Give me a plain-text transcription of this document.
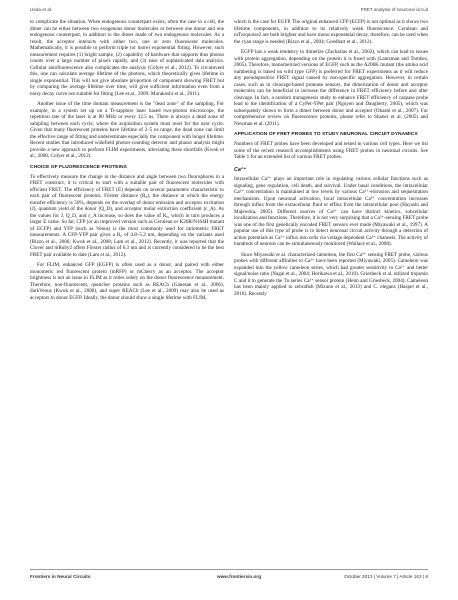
Ueda et al.	FRET analysis of neuronal circuit

to complicate the situation. When endogenous counterpart exists, often the case in a cell, the dimer can be either between two exogenous donor molecules or between one donor and one endogenous counterpart, in addition to the dimer made of two endogenous molecules. As a result, the acceptor interacts with either two, one or zero fluorescent molecules. Mathematically, it is possible to perform triple (or more) exponential fitting. However, such measurement requires (1) bright sample, (2) capability of hardware that supports thus photon counts over a large number of pixels rapidly, and (3) ease of sophisticated data analysis. Cellular autofluorescence also complicates the analysis (Colyer et al., 2012). To circumvent this, one can calculate average lifetime of the photons, which theoretically gives lifetime in single exponential. This will not give absolute proportion of component showing FRET but by comparing the average lifetime over time, will give sufficient information even from a noisy decay curve not suitable for fitting (Lee et al., 2009; Murakoshi et al., 2011).

Another issue of the time domain measurement is the "dead zone" of the sampling. For example, in a system set up on a Ti-sapphire laser based two-photon microscope, the repetition rate of the laser is at 80 MHz or every 12.5 ns. There is always a dead zone of sampling between each cycle, where the acquisition system must reset for the next cycle. Given that many fluorescent proteins have lifetime of 2–5 ns range, the dead zone can limit the effective range of fitting and underestimate especially the component with longer lifetime. Recent studies that introduced widefield photon-counting detector and phasor analysis might provide a new approach to perform FLIM experiments, alleviating these shortfalls (Kwok et al., 2008; Colyer et al., 2012).

CHOICE OF FLUORESCENCE PROTEINS

To effectively measure the change in the distance and angle between two fluorophores in a FRET construct, it is critical to start with a suitable pair of fluorescent molecules with efficient FRET. The efficiency of FRET (E) depends on several parameters characteristic to each pair of fluorescent proteins. Förster distance (R₀), the distance at which the energy transfer efficiency is 50%, depends on the overlap of donor emission and acceptor excitation (J), quantum yield of the donor (Q_D), and acceptor molar extinction coefficient (ε_A). As the values for J, Q_D, and ε_A increase, so does the value of R₀, which in turn produces a larger E value. So far, CFP (or an improved version such as Cerulean or K26R/N164H mutant of ECFP) and YFP (such as Venus) is the most commonly used for ratiometric FRET measurements. A CFP-YFP pair gives a R₀ of 4.8–5.2 nm, depending on the variants used (Rizzo et al., 2006; Kwok et al., 2008; Lam et al., 2012). Recently, it was reported that the Clover and mRuby2 offers Förster radius of 6.3 nm and is currently considered to be the best FRET pair available to date (Lam et al., 2012).

For FLIM, enhanced GFP (EGFP) is often used as a donor, and paired with either monomeric red fluorescent protein (mRFP) or mCherry as an acceptor. The acceptor brightness is not an issue in FLIM as it relies solely on the donor fluorescence measurement. Therefore, non-fluorescent, quencher proteins such as REACh (Ganesan et al., 2006), darkVenus (Kwok et al., 2008), and super REACh (Lee et al., 2009) may also be used as acceptors to donor EGFP. Ideally, the donor should show a single lifetime with FLIM,

which is the case for EGFP. The original enhanced CFP (ECFP) is not optimal as it shows two lifetime components, in addition to its relatively weak fluorescence. Cerulean and mTurquoise2 are both brighter and have mono exponential decay, therefore, can be used when the cyan range is needed (Rizzo et al., 2004; Goedhart et al., 2012).

EGFP has a weak tendency to dimerize (Zacharias et al., 2002), which can lead to issues with protein aggregation, depending on the protein it is fused with (Lantsman and Tombes, 2005). Therefore, monomerized versions of EGFP, such as the A206K mutant (the amino acid numbering is based on wild type GFP) is preferred for FRET experiments as it will reduce any pseudopositive FRET signal caused by non-specific aggregation. However, in certain cases, such as in cleavage-based protease sensors, the dimerization of donor and acceptor molecules can be beneficial to increase the difference in FRET efficiency before and after cleavage. In fact, a random mutagenesis study to enhance FRET efficiency of caspase probe lead to the identification of a CyPet-YPet pair (Nguyen and Daugherty, 2005), which was subsequently shown to form a dimer between donor and acceptor (Ohashi et al., 2007). For comprehensive review on fluorescence proteins, please refer to Shaner et al. (2005) and Newman et al. (2011).

APPLICATION OF FRET PROBES TO STUDY NEURONAL CIRCUIT DYNAMICS

Numbers of FRET probes have been developed and tested in various cell types. Here we list some of the recent research accomplishments using FRET probes in neuronal circuits. See Table 1 for an extended list of various FRET probes.

Ca²⁺

Intracellular Ca²⁺ plays an important role in regulating various cellular functions such as signaling, gene regulation, cell death, and survival. Under basal conditions, the intracellular Ca²⁺ concentration is maintained at low levels by various Ca²⁺-extrusion and sequestration mechanisms. Upon neuronal activation, local intracellular Ca²⁺ concentration increases through influx from the extracellular fluid or efflux from the intracellular pool (Hayashi and Majewska, 2005). Different sources of Ca²⁺ can have distinct kinetics, subcellular localization and functions. Therefore, it is not very surprising that a Ca²⁺-sensing FRET probe was one of the first genetically encoded FRET sensors ever made (Miyawaki et al., 1997). A popular use of this type of probe is to detect neuronal circuit activity through a detection of action potentials as Ca²⁺ influx into cells via voltage dependent Ca²⁺ channels. The activity of hundreds of neurons can be simultaneously monitored (Wallace et al., 2008).

Since Miyawaki et al. characterized cameleon, the first Ca²⁺ sensing FRET probe, various probes with different affinities to Ca²⁺ have been reported (Miyawaki, 2005). Cameleon was expanded into the yellow cameleon series, which had greater sensitivity to Ca²⁺ and better signal/noise ratio (Nagai et al., 2004; Horikawa et al., 2010). Griesbeck et al. utilized troponin C and it to generate the Tn series Ca²⁺ sensor protein (Heim and Griesbeck, 2004). Cameleon has been mainly applied to zebrafish (Mizuno et al., 2013) and C. elegans (Haspel et al., 2010). Recently

Frontiers in Neural Circuits	www.frontiersin.org	October 2013 | Volume 7 | Article 163 | 8
